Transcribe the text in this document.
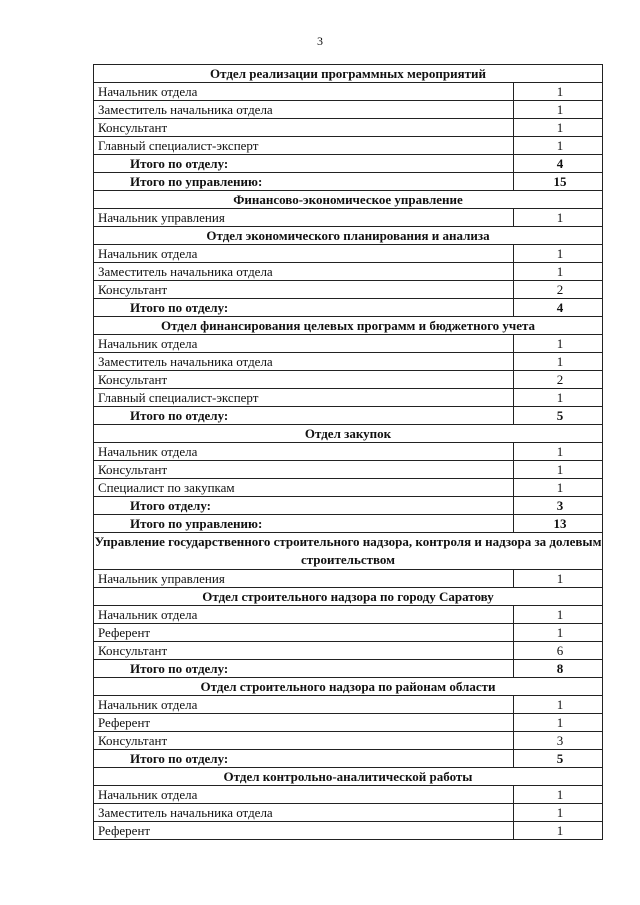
3
Отдел реализации программных мероприятий	
Начальник отдела	1
Заместитель начальника отдела	1
Консультант	1
Главный специалист-эксперт	1
Итого по отделу:	4
Итого по управлению:	15
Финансово-экономическое управление	
Начальник управления	1
Отдел экономического планирования и анализа	
Начальник отдела	1
Заместитель начальника отдела	1
Консультант	2
Итого по отделу:	4
Отдел финансирования целевых программ и бюджетного учета	
Начальник отдела	1
Заместитель начальника отдела	1
Консультант	2
Главный специалист-эксперт	1
Итого по отделу:	5
Отдел закупок	
Начальник отдела	1
Консультант	1
Специалист по закупкам	1
Итого отделу:	3
Итого по управлению:	13
Управление государственного строительного надзора, контроля и надзора за долевым строительством	
Начальник управления	1
Отдел строительного надзора по городу Саратову	
Начальник отдела	1
Референт	1
Консультант	6
Итого по отделу:	8
Отдел строительного надзора по районам области	
Начальник отдела	1
Референт	1
Консультант	3
Итого по отделу:	5
Отдел контрольно-аналитической работы	
Начальник отдела	1
Заместитель начальника отдела	1
Референт	1
